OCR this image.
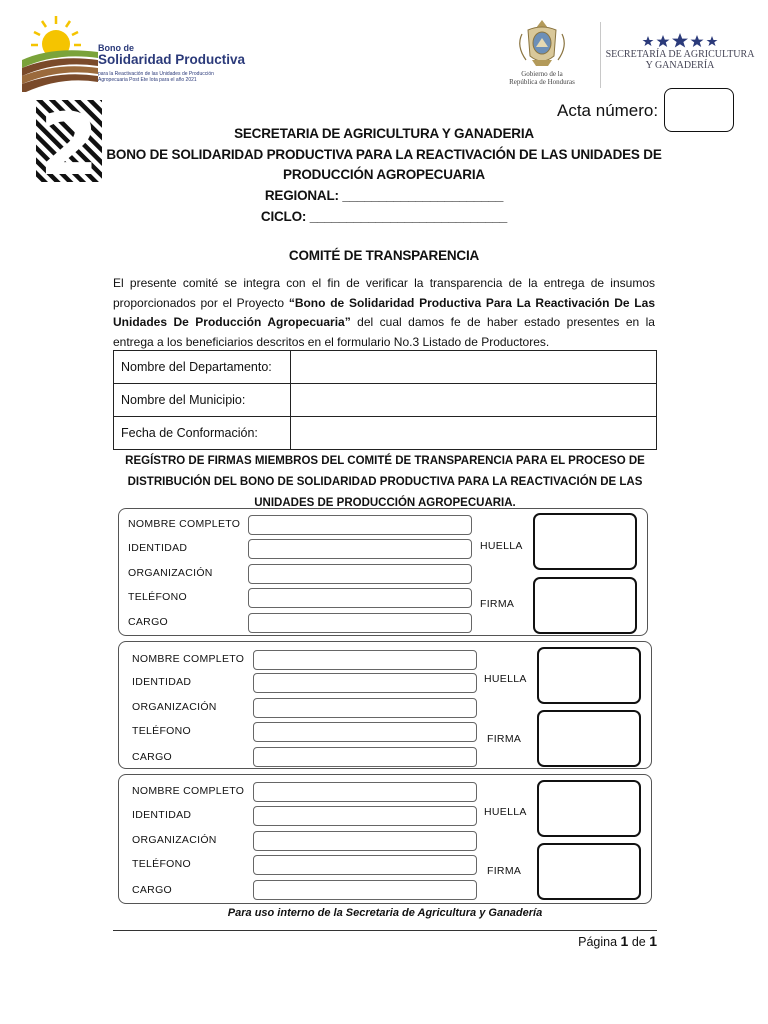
Bono de
Solidaridad Productiva
para la Reactivación de las Unidades de Producción Agropecuaria Post Ete Iota para el año 2021
Gobierno de la
República de Honduras
SECRETARÍA DE AGRICULTURA
Y GANADERÍA
Acta número:
SECRETARIA DE AGRICULTURA Y GANADERIA
BONO DE SOLIDARIDAD PRODUCTIVA PARA LA REACTIVACIÓN DE LAS UNIDADES DE
PRODUCCIÓN AGROPECUARIA
REGIONAL: ______________________
CICLO: ___________________________
COMITÉ DE TRANSPARENCIA

El presente comité se integra con el fin de verificar la transparencia de la entrega de insumos proporcionados por el Proyecto “Bono de Solidaridad Productiva Para La Reactivación De Las Unidades De Producción Agropecuaria” del cual damos fe de haber estado presentes en la entrega a los beneficiarios descritos en el formulario No.3 Listado de Productores.

Nombre del Departamento:	
Nombre del Municipio:	
Fecha de Conformación:	
REGÍSTRO DE FIRMAS MIEMBROS DEL COMITÉ DE TRANSPARENCIA PARA EL PROCESO DE
DISTRIBUCIÓN DEL BONO DE SOLIDARIDAD PRODUCTIVA PARA LA REACTIVACIÓN DE LAS
UNIDADES DE PRODUCCIÓN AGROPECUARIA.
NOMBRE COMPLETO
IDENTIDAD
ORGANIZACIÓN
TELÉFONO
CARGO
HUELLA
FIRMA
NOMBRE COMPLETO
IDENTIDAD
ORGANIZACIÓN
TELÉFONO
CARGO
HUELLA
FIRMA
NOMBRE COMPLETO
IDENTIDAD
ORGANIZACIÓN
TELÉFONO
CARGO
HUELLA
FIRMA
Para uso interno de la Secretaria de Agricultura y Ganadería
Página 1 de 1
